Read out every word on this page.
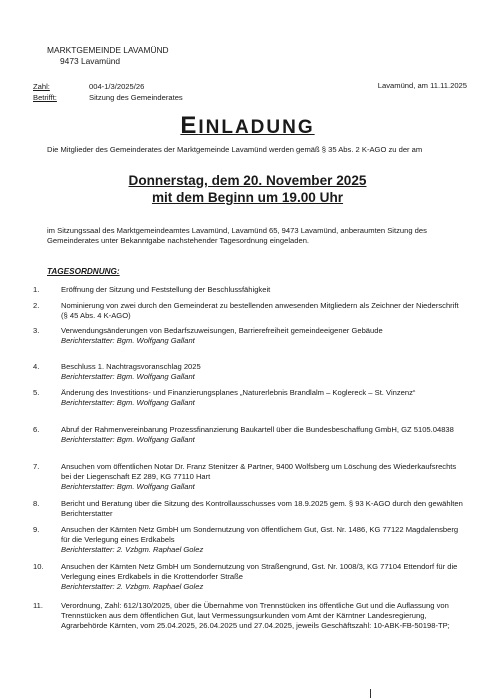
MARKTGEMEINDE LAVAMÜND
9473 Lavamünd
Zahl:	004-1/3/2025/26
Betrifft:	Sitzung des Gemeinderates
Lavamünd, am 11.11.2025
EINLADUNG
Die Mitglieder des Gemeinderates der Marktgemeinde Lavamünd werden gemäß § 35 Abs. 2 K-AGO zu der am
Donnerstag, dem 20. November 2025
mit dem Beginn um 19.00 Uhr
im Sitzungssaal des Marktgemeindeamtes Lavamünd, Lavamünd 65, 9473 Lavamünd, anberaumten Sitzung des Gemeinderates unter Bekanntgabe nachstehender Tagesordnung eingeladen.
TAGESORDNUNG:
1.	Eröffnung der Sitzung und Feststellung der Beschlussfähigkeit
2.	Nominierung von zwei durch den Gemeinderat zu bestellenden anwesenden Mitgliedern als Zeichner der Niederschrift (§ 45 Abs. 4 K-AGO)
3.	Verwendungsänderungen von Bedarfszuweisungen, Barrierefreiheit gemeindeeigener Gebäude
Berichterstatter: Bgm. Wolfgang Gallant
4.	Beschluss 1. Nachtragsvoranschlag 2025
Berichterstatter: Bgm. Wolfgang Gallant
5.	Änderung des Investitions- und Finanzierungsplanes „Naturerlebnis Brandlalm – Koglereck – St. Vinzenz“
Berichterstatter: Bgm. Wolfgang Gallant
6.	Abruf der Rahmenvereinbarung Prozessfinanzierung Baukartell über die Bundesbeschaffung GmbH, GZ 5105.04838
Berichterstatter: Bgm. Wolfgang Gallant
7.	Ansuchen vom öffentlichen Notar Dr. Franz Stenitzer & Partner, 9400 Wolfsberg um Löschung des Wiederkaufsrechts bei der Liegenschaft EZ 289, KG 77110 Hart
Berichterstatter: Bgm. Wolfgang Gallant
8.	Bericht und Beratung über die Sitzung des Kontrollausschusses vom 18.9.2025 gem. § 93 K-AGO durch den gewählten Berichterstatter
9.	Ansuchen der Kärnten Netz GmbH um Sondernutzung von öffentlichem Gut, Gst. Nr. 1486, KG 77122 Magdalensberg für die Verlegung eines Erdkabels
Berichterstatter: 2. Vzbgm. Raphael Golez
10.	Ansuchen der Kärnten Netz GmbH um Sondernutzung von Straßengrund, Gst. Nr. 1008/3, KG 77104 Ettendorf für die Verlegung eines Erdkabels in die Krottendorfer Straße
Berichterstatter: 2. Vzbgm. Raphael Golez
11.	Verordnung, Zahl: 612/130/2025, über die Übernahme von Trennstücken ins öffentliche Gut und die Auflassung von Trennstücken aus dem öffentlichen Gut, laut Vermessungsurkunden vom Amt der Kärntner Landesregierung, Agrarbehörde Kärnten, vom 25.04.2025, 26.04.2025 und 27.04.2025, jeweils Geschäftszahl: 10-ABK-FB-50198-TP;
